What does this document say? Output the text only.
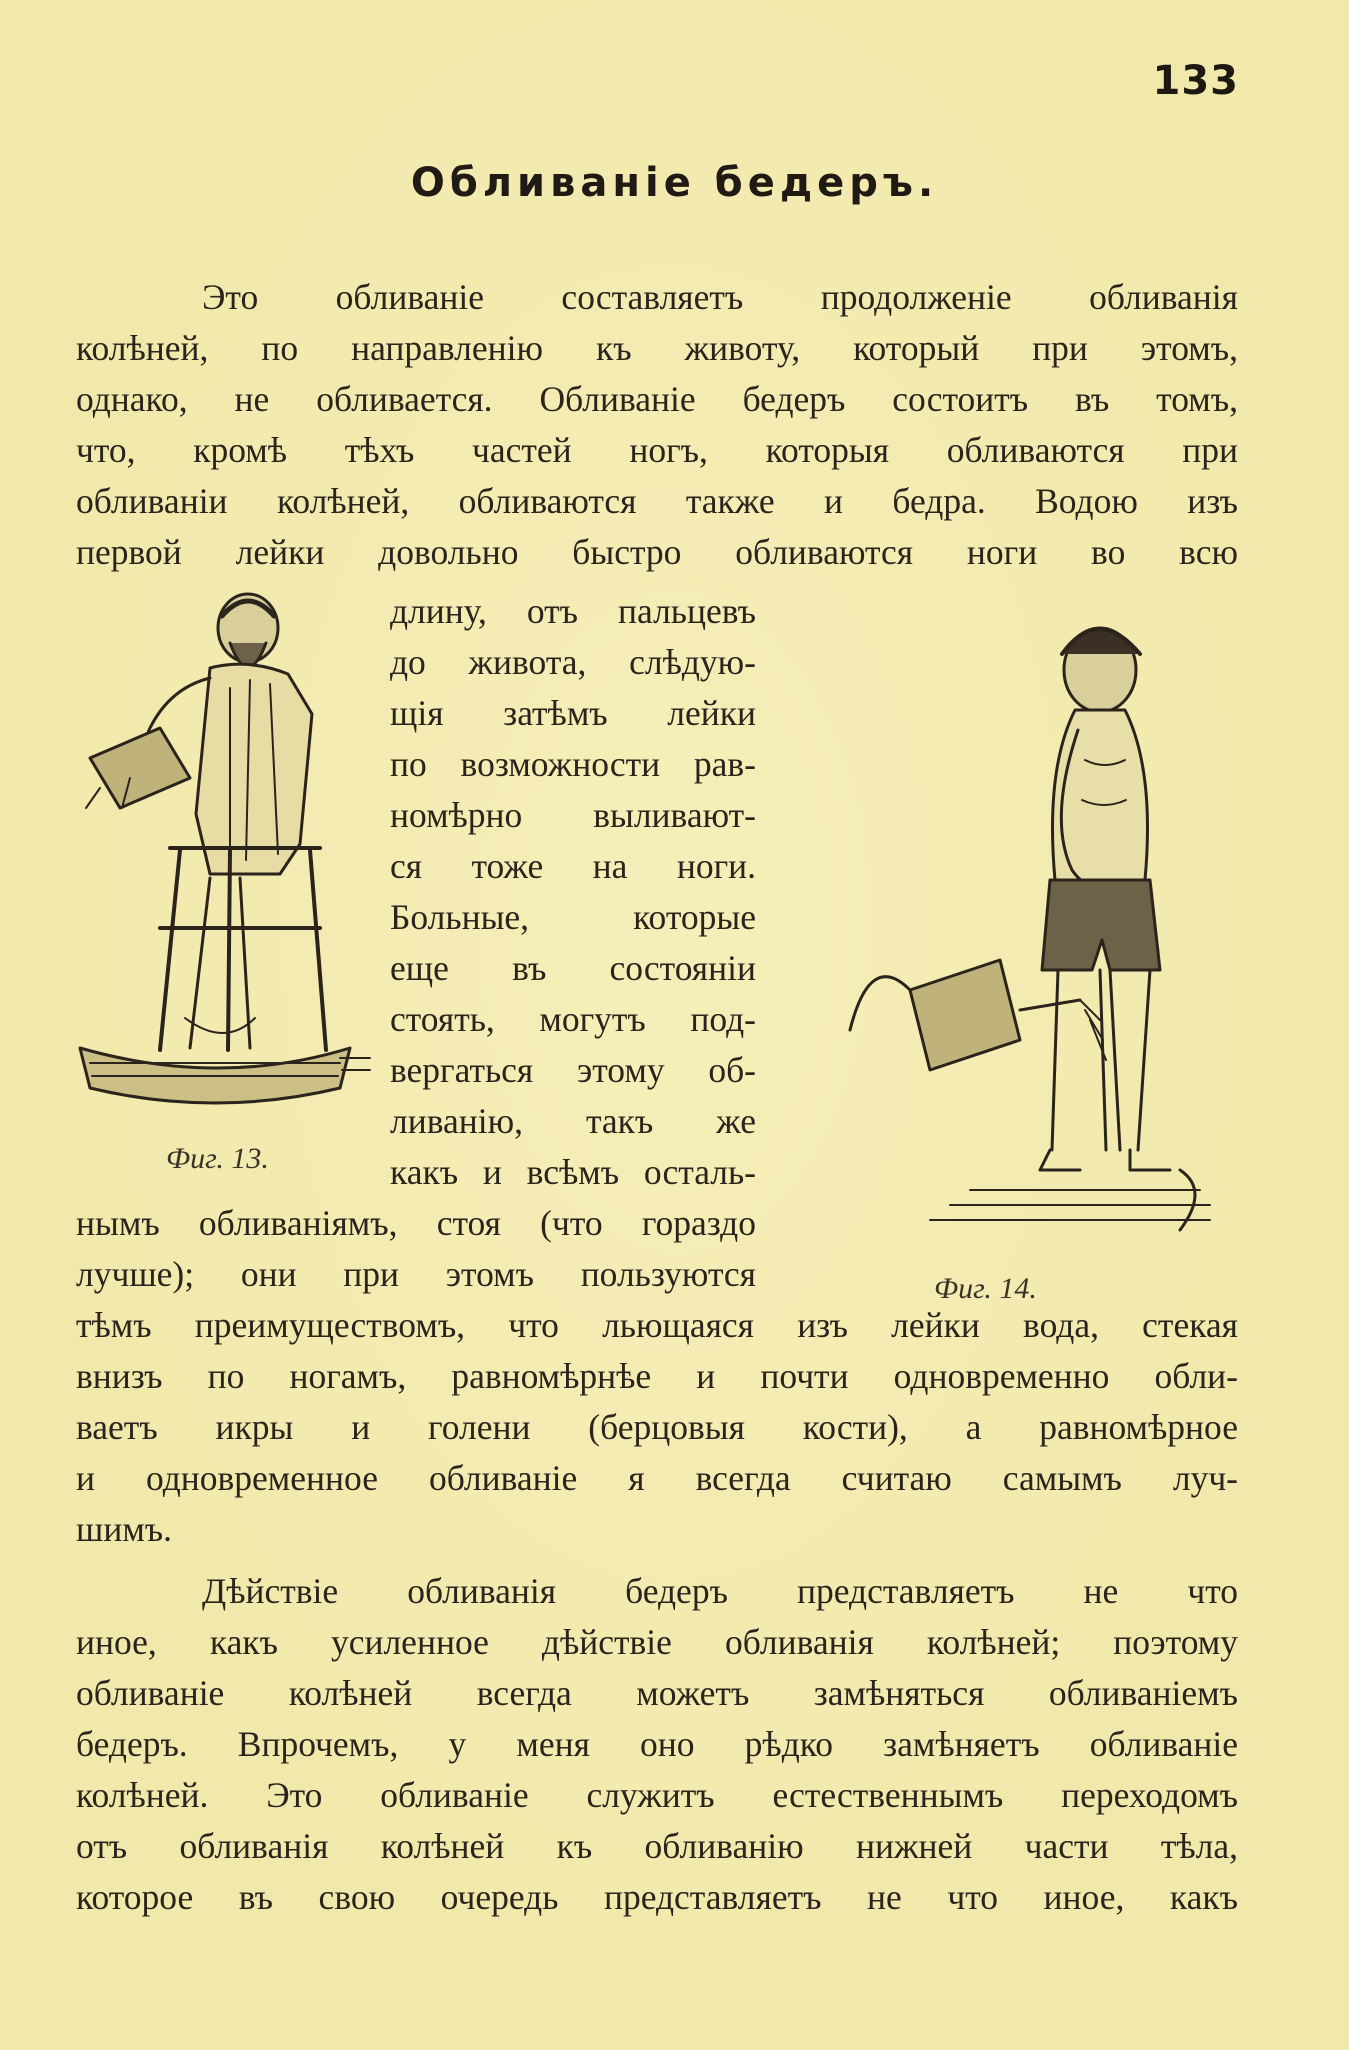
133
Обливаніе бедеръ.
Это обливаніе составляетъ продолженіе обливанія
колѣней, по направленію къ животу, который при этомъ,
однако, не обливается. Обливаніе бедеръ состоитъ въ томъ,
что, кромѣ тѣхъ частей ногъ, которыя обливаются при
обливаніи колѣней, обливаются также и бедра. Водою изъ
первой лейки довольно быстро обливаются ноги во всю
длину, отъ пальцевъ
до живота, слѣдую-
щія затѣмъ лейки
по возможности рав-
номѣрно выливают-
ся тоже на ноги.
Больные, которые
еще въ состояніи
стоять, могутъ под-
вергаться этому об-
ливанію, такъ же
какъ и всѣмъ осталь-
нымъ обливаніямъ, стоя (что гораздо
лучше); они при этомъ пользуются
тѣмъ преимуществомъ, что льющаяся изъ лейки вода, стекая
внизъ по ногамъ, равномѣрнѣе и почти одновременно обли-
ваетъ икры и голени (берцовыя кости), а равномѣрное
и одновременное обливаніе я всегда считаю самымъ луч-
шимъ.
Дѣйствіе обливанія бедеръ представляетъ не что
иное, какъ усиленное дѣйствіе обливанія колѣней; поэтому
обливаніе колѣней всегда можетъ замѣняться обливаніемъ
бедеръ. Впрочемъ, у меня оно рѣдко замѣняетъ обливаніе
колѣней. Это обливаніе служитъ естественнымъ переходомъ
отъ обливанія колѣней къ обливанію нижней части тѣла,
которое въ свою очередь представляетъ не что иное, какъ
Фиг. 13.
Фиг. 14.
